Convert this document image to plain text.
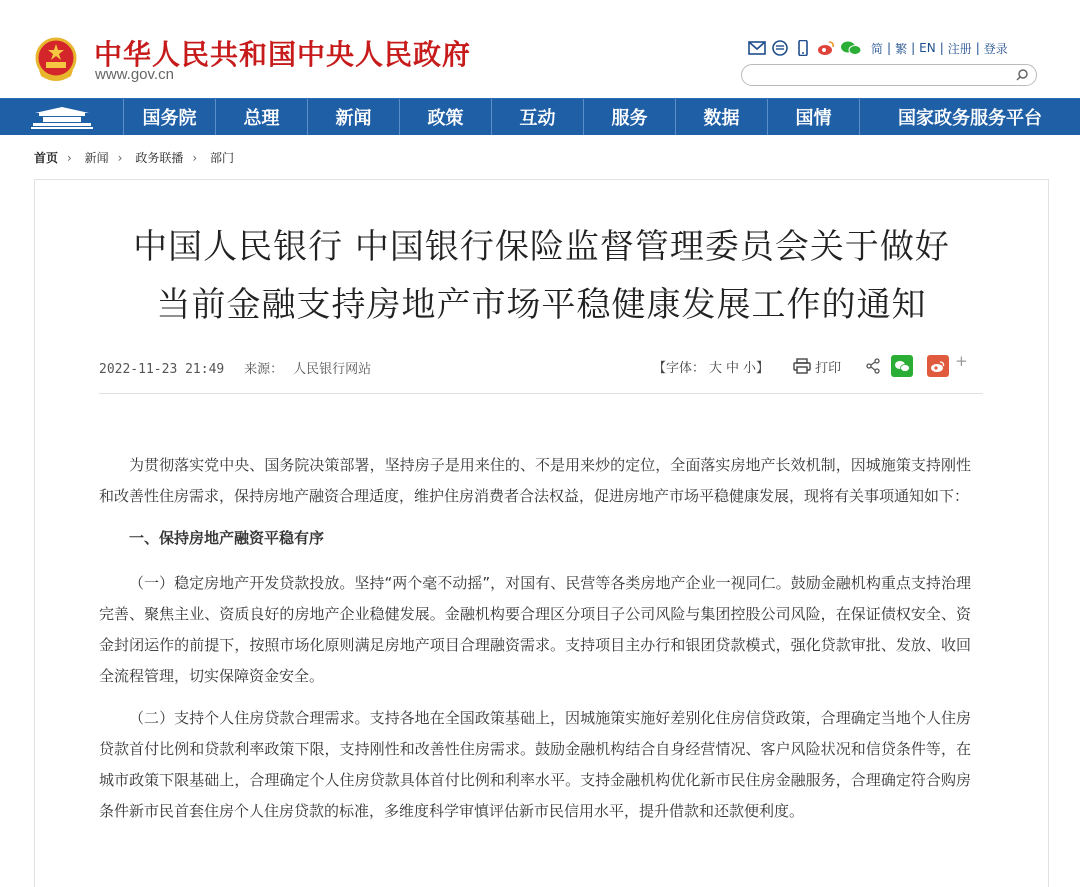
中华人民共和国中央人民政府
www.gov.cn
简 | 繁 | EN | 注册 | 登录
国务院	总理	新闻	政策	互动	服务	数据	国情	国家政务服务平台
首页 › 新闻 › 政务联播 › 部门
中国人民银行 中国银行保险监督管理委员会关于做好
当前金融支持房地产市场平稳健康发展工作的通知
2022-11-23 21:49 来源： 人民银行网站	【字体： 大 中 小】	打印	+

为贯彻落实党中央、国务院决策部署，坚持房子是用来住的、不是用来炒的定位，全面落实房地产长效机制，因城施策支持刚性和改善性住房需求，保持房地产融资合理适度，维护住房消费者合法权益，促进房地产市场平稳健康发展，现将有关事项通知如下：

一、保持房地产融资平稳有序

（一）稳定房地产开发贷款投放。坚持“两个毫不动摇”，对国有、民营等各类房地产企业一视同仁。鼓励金融机构重点支持治理完善、聚焦主业、资质良好的房地产企业稳健发展。金融机构要合理区分项目子公司风险与集团控股公司风险，在保证债权安全、资金封闭运作的前提下，按照市场化原则满足房地产项目合理融资需求。支持项目主办行和银团贷款模式，强化贷款审批、发放、收回全流程管理，切实保障资金安全。

（二）支持个人住房贷款合理需求。支持各地在全国政策基础上，因城施策实施好差别化住房信贷政策，合理确定当地个人住房贷款首付比例和贷款利率政策下限，支持刚性和改善性住房需求。鼓励金融机构结合自身经营情况、客户风险状况和信贷条件等，在城市政策下限基础上，合理确定个人住房贷款具体首付比例和利率水平。支持金融机构优化新市民住房金融服务，合理确定符合购房条件新市民首套住房个人住房贷款的标准，多维度科学审慎评估新市民信用水平，提升借款和还款便利度。
